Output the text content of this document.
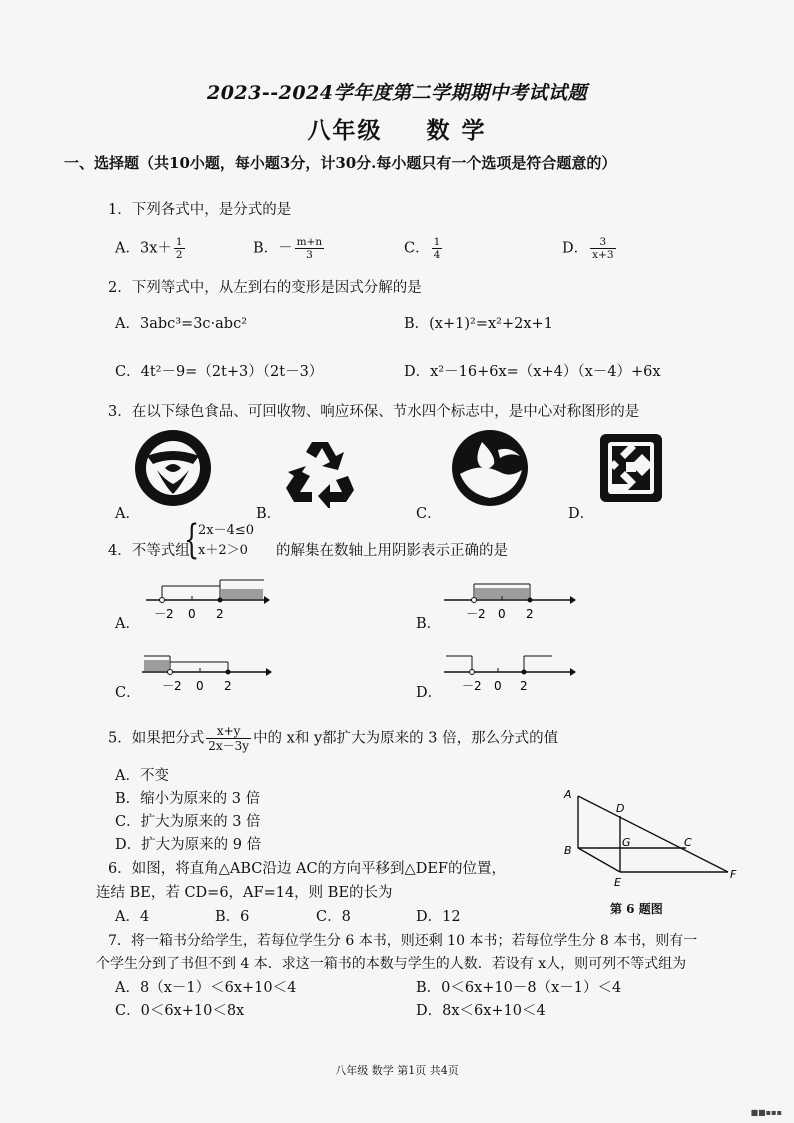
2023--2024学年度第二学期期中考试试题
八年级 数 学
一、选择题（共10小题，每小题3分，计30分.每小题只有一个选项是符合题意的）
1．下列各式中，是分式的是
A．$3x+ \frac{1}{2}$	B．－ $\frac{m+n}{3}$	C． $\frac{1}{4}$	D． $\frac{3}{x+3}$
2．下列等式中，从左到右的变形是因式分解的是
A．3abc³=3c·abc²	B．(x+1)²=x²+2x+1
C．4t²－9=（2t+3）（2t－3）	D．x²－16+6x=（x+4）（x－4）+6x
3．在以下绿色食品、可回收物、响应环保、节水四个标志中，是中心对称图形的是
A．	B．	C．	D．
4．不等式组
{
2x－4≤0
x＋2＞0	的解集在数轴上用阴影表示正确的是
－2 0 2
A．
－2 0 2
B．
－2 0 2
C．	－2 0 2
D．
5．如果把分式 $\frac{x+y}{2x-3y}$ 中的 x和 y都扩大为原来的 3 倍，那么分式的值
A．不变
B．缩小为原来的 3 倍
C．扩大为原来的 3 倍
D．扩大为原来的 9 倍
A
D
B
G	C
E
F
第 6 题图
6．如图，将直角△ABC沿边 AC的方向平移到△DEF的位置，
连结 BE，若 CD=6，AF=14，则 BE的长为
A．4	B．6	C．8	D．12
7．将一箱书分给学生，若每位学生分 6 本书，则还剩 10 本书；若每位学生分 8 本书，则有一
个学生分到了书但不到 4 本．求这一箱书的本数与学生的人数．若设有 x人，则可列不等式组为
A．8（x－1）＜6x+10＜4	B．0＜6x+10－8（x－1）＜4
C．0＜6x+10＜8x	D．8x＜6x+10＜4
八年级 数学 第1页 共4页
■■▪▪▪
